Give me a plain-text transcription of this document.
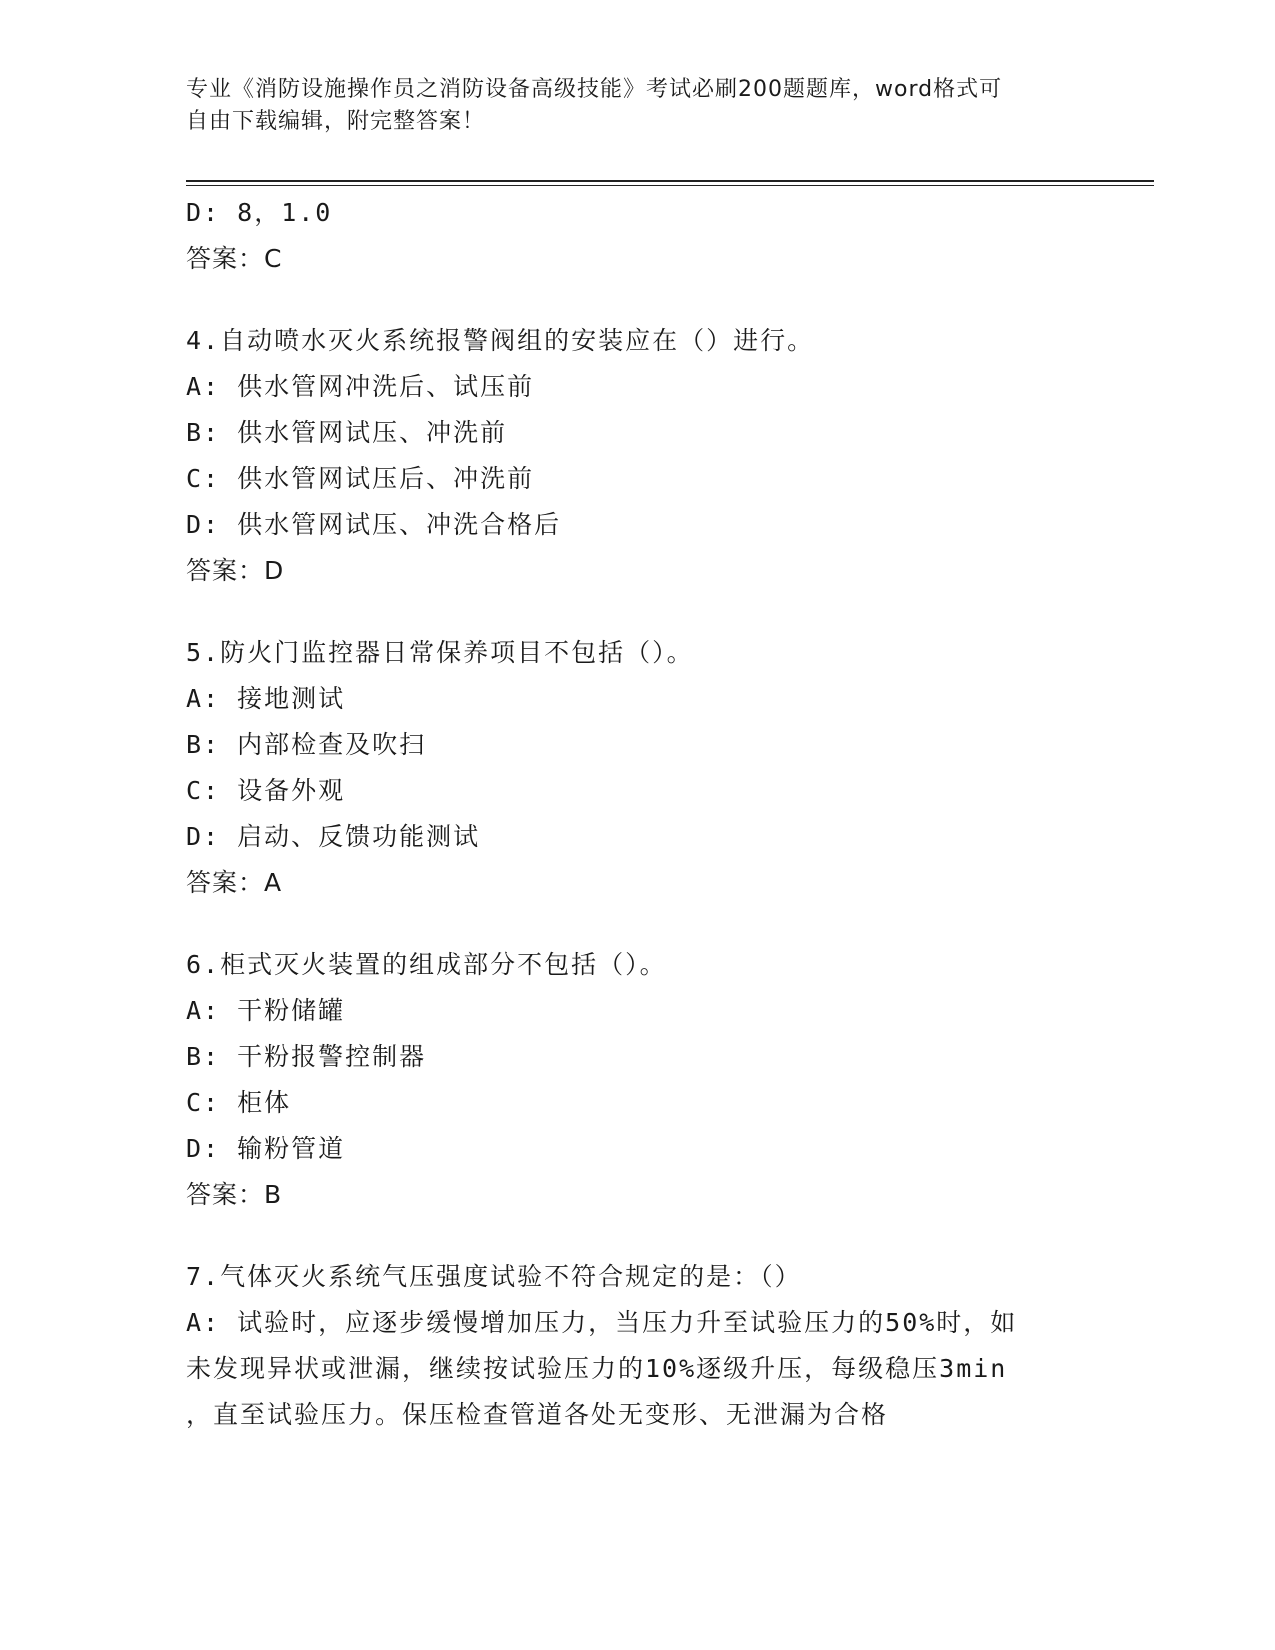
专业《消防设施操作员之消防设备高级技能》考试必刷200题题库，word格式可
自由下载编辑，附完整答案！
D: 8，1.0
答案：C
4.自动喷水灭火系统报警阀组的安装应在（）进行。
A: 供水管网冲洗后、试压前
B: 供水管网试压、冲洗前
C: 供水管网试压后、冲洗前
D: 供水管网试压、冲洗合格后
答案：D
5.防火门监控器日常保养项目不包括（）。
A: 接地测试
B: 内部检查及吹扫
C: 设备外观
D: 启动、反馈功能测试
答案：A
6.柜式灭火装置的组成部分不包括（）。
A: 干粉储罐
B: 干粉报警控制器
C: 柜体
D: 输粉管道
答案：B
7.气体灭火系统气压强度试验不符合规定的是：（）
A: 试验时，应逐步缓慢增加压力，当压力升至试验压力的50%时，如
未发现异状或泄漏，继续按试验压力的10%逐级升压，每级稳压3min
，直至试验压力。保压检查管道各处无变形、无泄漏为合格
